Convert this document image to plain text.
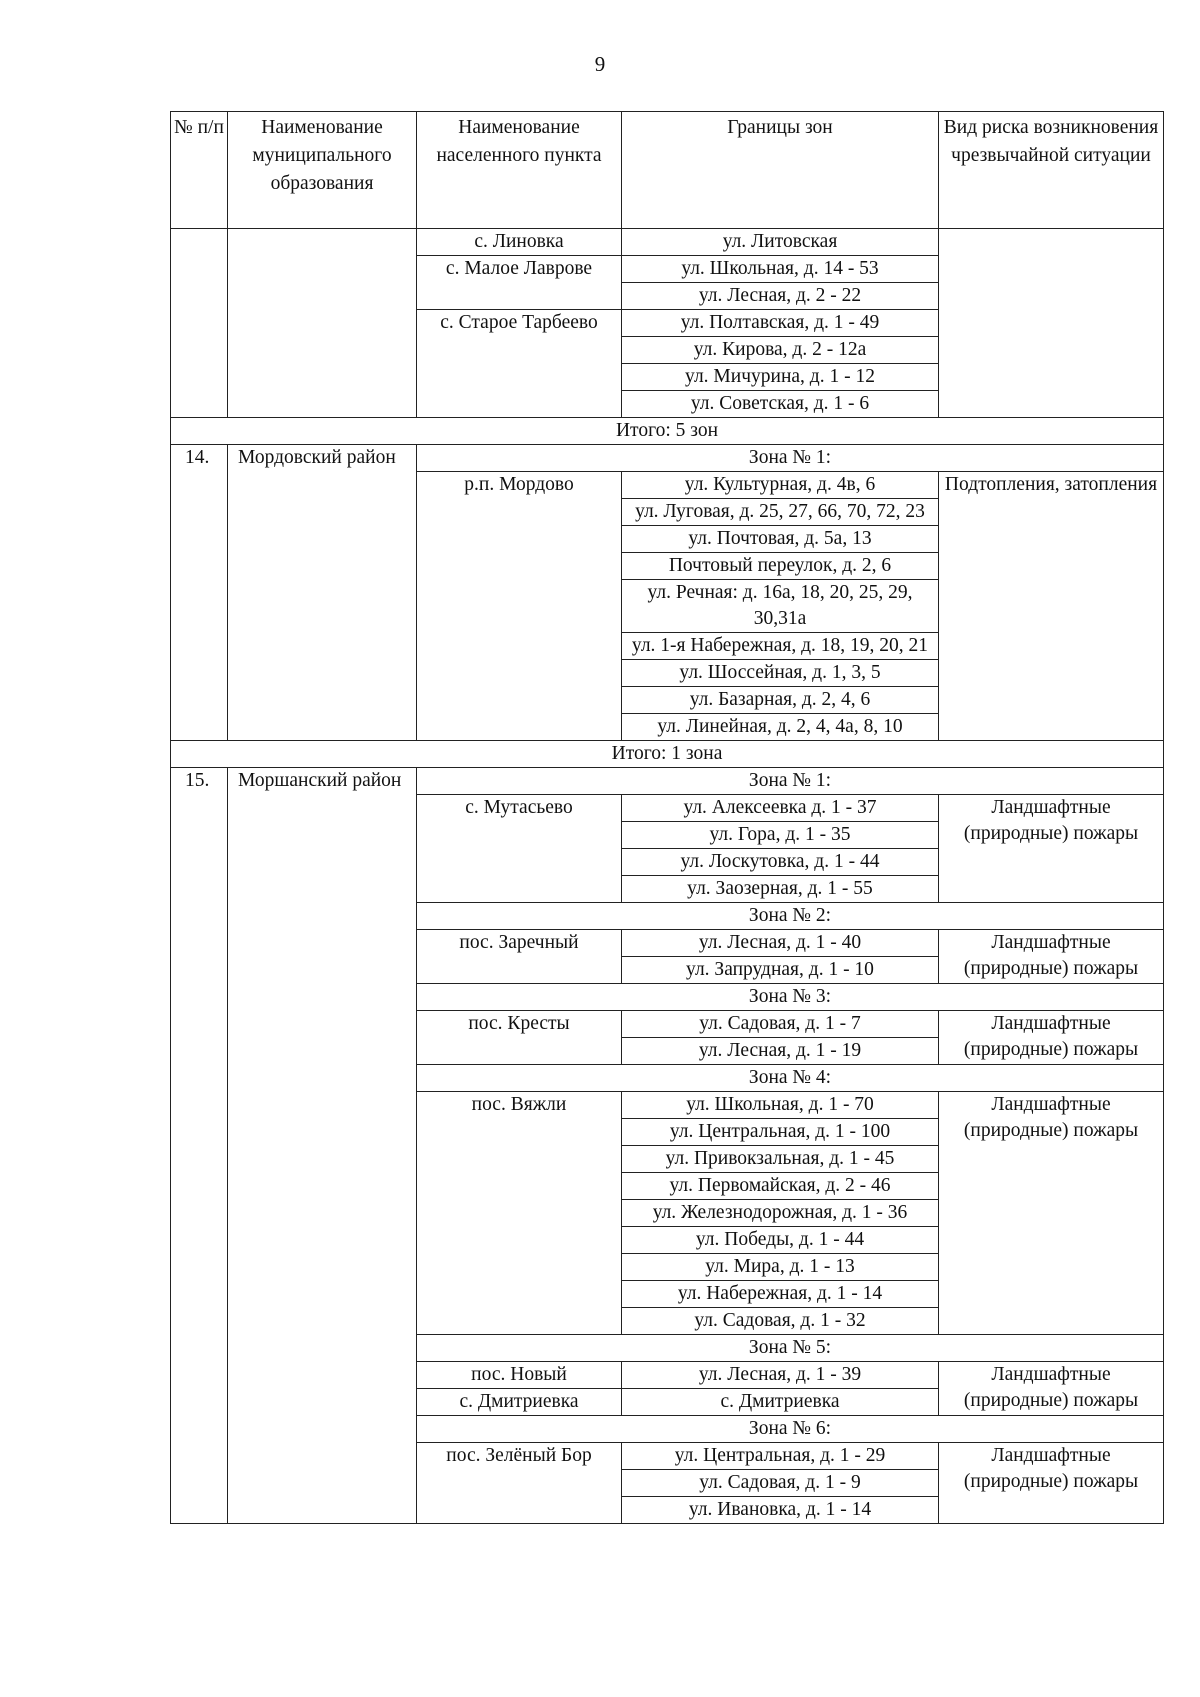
9
№ п/п	Наименование муниципального образования	Наименование населенного пункта	Границы зон	Вид риска возникновения чрезвычайной ситуации
		с. Линовка	ул. Литовская	
		с. Малое Лаврове	ул. Школьная, д. 14 - 53	
			ул. Лесная, д. 2 - 22	
		с. Старое Тарбеево	ул. Полтавская, д. 1 - 49	
			ул. Кирова, д. 2 - 12а	
			ул. Мичурина, д. 1 - 12	
			ул. Советская, д. 1 - 6	
Итого: 5 зон				
14.	Мордовский район	Зона № 1:		
		р.п. Мордово	ул. Культурная, д. 4в, 6	Подтопления, затопления
			ул. Луговая, д. 25, 27, 66, 70, 72, 23	
			ул. Почтовая, д. 5а, 13	
			Почтовый переулок, д. 2, 6	
			ул. Речная: д. 16а, 18, 20, 25, 29, 30,31а	
			ул. 1-я Набережная, д. 18, 19, 20, 21	
			ул. Шоссейная, д. 1, 3, 5	
			ул. Базарная, д. 2, 4, 6	
			ул. Линейная, д. 2, 4, 4а, 8, 10	
Итого: 1 зона				
15.	Моршанский район	Зона № 1:		
		с. Мутасьево	ул. Алексеевка д. 1 - 37	Ландшафтные (природные) пожары
			ул. Гора, д. 1 - 35	
			ул. Лоскутовка, д. 1 - 44	
			ул. Заозерная, д. 1 - 55	
		Зона № 2:		
		пос. Заречный	ул. Лесная, д. 1 - 40	Ландшафтные (природные) пожары
			ул. Запрудная, д. 1 - 10	
		Зона № 3:		
		пос. Кресты	ул. Садовая, д. 1 - 7	Ландшафтные (природные) пожары
			ул. Лесная, д. 1 - 19	
		Зона № 4:		
		пос. Вяжли	ул. Школьная, д. 1 - 70	Ландшафтные (природные) пожары
			ул. Центральная, д. 1 - 100	
			ул. Привокзальная, д. 1 - 45	
			ул. Первомайская, д. 2 - 46	
			ул. Железнодорожная, д. 1 - 36	
			ул. Победы, д. 1 - 44	
			ул. Мира, д. 1 - 13	
			ул. Набережная, д. 1 - 14	
			ул. Садовая, д. 1 - 32	
		Зона № 5:		
		пос. Новый	ул. Лесная, д. 1 - 39	Ландшафтные (природные) пожары
		с. Дмитриевка	с. Дмитриевка	
		Зона № 6:		
		пос. Зелёный Бор	ул. Центральная, д. 1 - 29	Ландшафтные (природные) пожары
			ул. Садовая, д. 1 - 9	
			ул. Ивановка, д. 1 - 14	
